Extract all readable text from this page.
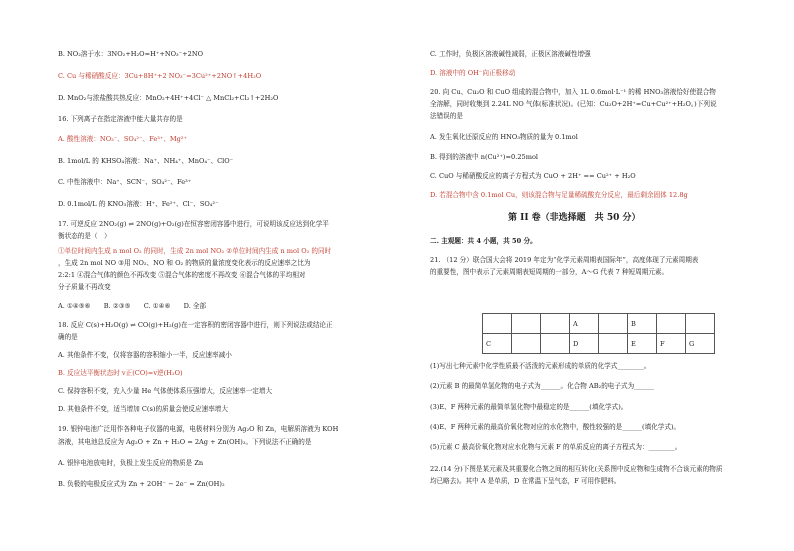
B. NO₂溶于水：3NO₂+H₂O=H⁺+NO₃⁻+2NO
C. Cu 与稀硝酸反应：3Cu+8H⁺+2 NO₃⁻=3Cu²⁺+2NO↑+4H₂O
D. MnO₂与浓盐酸共热反应：MnO₂+4H⁺+4Cl⁻ △ MnCl₂+Cl₂↑+2H₂O
16. 下列离子在指定溶液中能大量共存的是
A. 酸性溶液：NO₃⁻、SO₄²⁻、Fe³⁺、Mg²⁺
B. 1mol/L 的 KHSO₄溶液：Na⁺、NH₄⁺、MnO₄⁻、ClO⁻
C. 中性溶液中：Na⁺、SCN⁻、SO₄²⁻、Fe³⁺
D. 0.1mol/L 的 KNO₃溶液：H⁺、Fe²⁺、Cl⁻、SO₄²⁻
17. 可逆反应 2NO₂(g) ⇌ 2NO(g)+O₂(g)在恒容密闭容器中进行，可说明该反应达到化学平
衡状态的是（　）
①单位时间内生成 n mol O₂ 的同时，生成 2n mol NO₂ ②单位时间内生成 n mol O₂ 的同时
，生成 2n mol NO ③用 NO₂、NO 和 O₂ 的物质的量浓度变化表示的反应速率之比为
2:2:1 ④混合气体的颜色不再改变 ⑤混合气体的密度不再改变 ⑥混合气体的平均相对
分子质量不再改变
A. ①④⑤⑥　　B. ②③⑤　　C. ①④⑥　　D. 全部
18. 反应 C(s)+H₂O(g) ⇌ CO(g)+H₂(g)在一定容积的密闭容器中进行，则下列说法或结论正
确的是
A. 其他条件不变，仅将容器的容积缩小一半，反应速率减小
B. 反应达平衡状态时 v正(CO)=v逆(H₂O)
C. 保持容积不变，充入少量 He 气体使体系压强增大，反应速率一定增大
D. 其他条件不变，适当增加 C(s)的质量会使反应速率增大
19. 银锌电池广泛用作各种电子仪器的电源，电极材料分别为 Ag₂O 和 Zn，电解质溶液为 KOH
溶液，其电池总反应为 Ag₂O + Zn + H₂O = 2Ag + Zn(OH)₂。下列说法不正确的是
A. 银锌电池放电时，负极上发生反应的物质是 Zn
B. 负极的电极反应式为 Zn + 2OH⁻ − 2e⁻ = Zn(OH)₂
C. 工作时，负极区溶液碱性减弱，正极区溶液碱性增强
D. 溶液中的 OH⁻向正极移动
20. 向 Cu、Cu₂O 和 CuO 组成的混合物中，加入 1L 0.6mol·L⁻¹ 的稀 HNO₃溶液恰好使混合物
全溶解，同时收集到 2.24L NO 气体(标准状况)。(已知：Cu₂O+2H⁺=Cu+Cu²⁺+H₂O。)下列说
法错误的是
A. 发生氧化还原反应的 HNO₃物质的量为 0.1mol
B. 得到的溶液中 n(Cu²⁺)=0.25mol
C. CuO 与稀硝酸反应的离子方程式为 CuO + 2H⁺ == Cu²⁺ + H₂O
D. 若混合物中含 0.1mol Cu，则该混合物与足量稀硫酸充分反应，最后剩余固体 12.8g
第 II 卷（非选择题　共 50 分）
二. 主观题：共 4 小题，共 50 分。
21. （12 分）联合国大会将 2019 年定为“化学元素周期表国际年”，高度体现了元素周期表
的重要性，图中表示了元素周期表短周期的一部分，A～G 代表 7 种短周期元素。
			A		B		
C			D		E	F	G
(1)写出七种元素中化学性质最不活泼的元素形成的单质的化学式________。
(2)元素 B 的最简单氢化物的电子式为______。化合物 AB₂的电子式为______
(3)E、F 两种元素的最简单氢化物中最稳定的是______(填化学式)。
(4)E、F 两种元素的最高价氧化物对应的水化物中，酸性较强的是______(填化学式)。
(5)元素 C 最高价氧化物对应水化物与元素 F 的单质反应的离子方程式为：________。
22.(14 分)下图是某元素及其重要化合物之间的相互转化(关系图中反应物和生成物不合该元素的物质
均已略去)。其中 A 是单质，D 在常温下呈气态，F 可用作肥料。
